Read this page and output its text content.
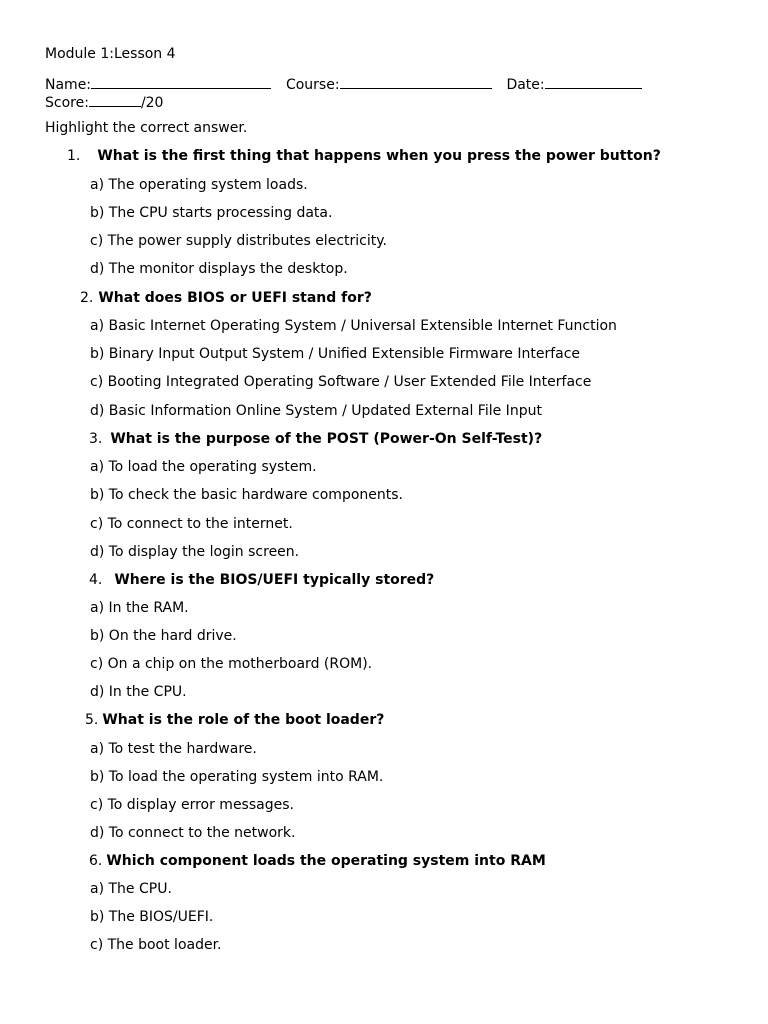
Module 1:Lesson 4
Name:	Course:	Date:
Score:	/20
Highlight the correct answer.
1. What is the first thing that happens when you press the power button?
a) The operating system loads.
b) The CPU starts processing data.
c) The power supply distributes electricity.
d) The monitor displays the desktop.
2. What does BIOS or UEFI stand for?
a) Basic Internet Operating System / Universal Extensible Internet Function
b) Binary Input Output System / Unified Extensible Firmware Interface
c) Booting Integrated Operating Software / User Extended File Interface
d) Basic Information Online System / Updated External File Input
3. What is the purpose of the POST (Power-On Self-Test)?
a) To load the operating system.
b) To check the basic hardware components.
c) To connect to the internet.
d) To display the login screen.
4. Where is the BIOS/UEFI typically stored?
a) In the RAM.
b) On the hard drive.
c) On a chip on the motherboard (ROM).
d) In the CPU.
5. What is the role of the boot loader?
a) To test the hardware.
b) To load the operating system into RAM.
c) To display error messages.
d) To connect to the network.
6. Which component loads the operating system into RAM
a) The CPU.
b) The BIOS/UEFI.
c) The boot loader.
